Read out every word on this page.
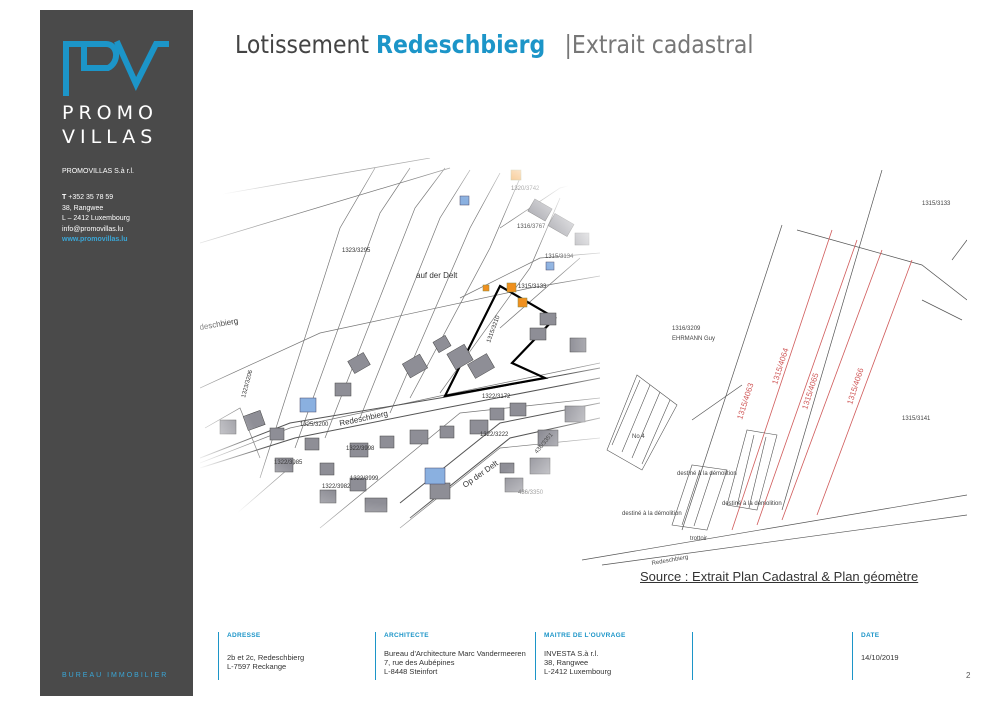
PROMO
VILLAS
PROMOVILLAS S.à r.l.
T +352 35 78 59
38, Rangwee
L – 2412 Luxembourg
info@promovillas.lu
www.promovillas.lu
BUREAU IMMOBILIER
Lotissement Redeschbierg |Extrait cadastral
1315/4063
1315/4064
1315/4065	1315/4066
1316/3209
EHRMANN Guy
1315/3133
1315/3141
Redeschbierg
destiné à la démolition
destiné à la démolition
destiné à la démolition
No 4
trottoir
Source : Extrait Plan Cadastral & Plan géomètre
ADRESSE
2b et 2c, Redeschbierg
L-7597 Reckange
ARCHITECTE
Bureau d'Architecture Marc Vandermeeren
7, rue des Aubépines
L-8448 Steinfort
MAITRE DE L'OUVRAGE
INVESTA S.à r.l.
38, Rangwee
L-2412 Luxembourg
DATE
14/10/2019
2
